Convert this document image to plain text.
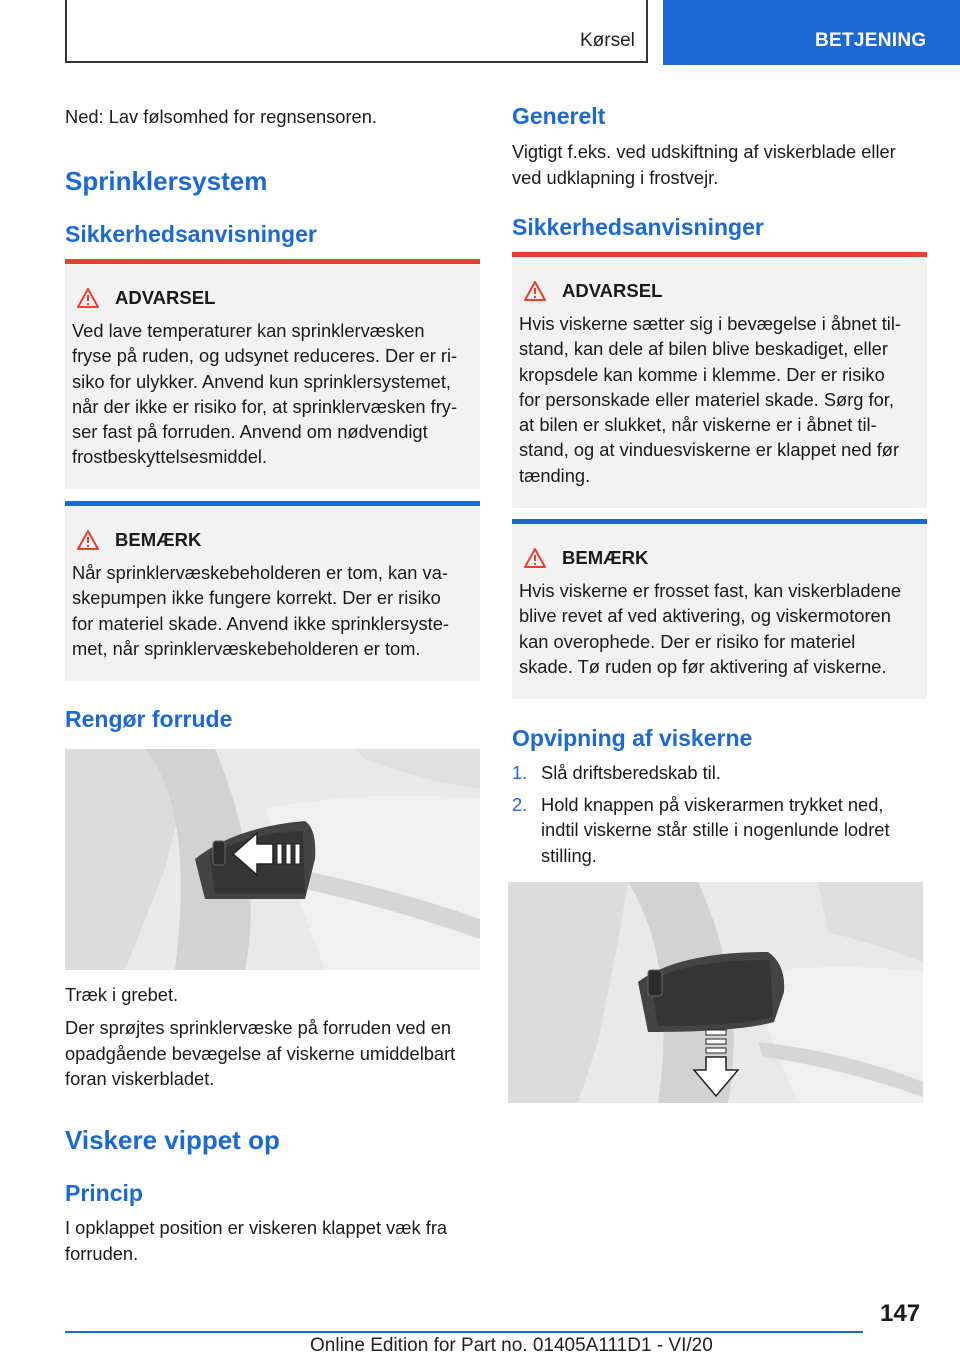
Kørsel	BETJENING

Ned: Lav følsomhed for regnsensoren.

Sprinklersystem
Sikkerhedsanvisninger
ADVARSEL
Ved lave temperaturer kan sprinklervæsken
fryse på ruden, og udsynet reduceres. Der er ri-
siko for ulykker. Anvend kun sprinklersystemet,
når der ikke er risiko for, at sprinklervæsken fry-
ser fast på forruden. Anvend om nødvendigt
frostbeskyttelsesmiddel.
BEMÆRK
Når sprinklervæskebeholderen er tom, kan va-
skepumpen ikke fungere korrekt. Der er risiko
for materiel skade. Anvend ikke sprinklersyste-
met, når sprinklervæskebeholderen er tom.
Rengør forrude

Træk i grebet.

Der sprøjtes sprinklervæske på forruden ved en
opadgående bevægelse af viskerne umiddelbart
foran viskerbladet.
Viskere vippet op
Princip
I opklappet position er viskeren klappet væk fra
forruden.
Generelt
Vigtigt f.eks. ved udskiftning af viskerblade eller
ved udklapning i frostvejr.
Sikkerhedsanvisninger
ADVARSEL
Hvis viskerne sætter sig i bevægelse i åbnet til-
stand, kan dele af bilen blive beskadiget, eller
kropsdele kan komme i klemme. Der er risiko
for personskade eller materiel skade. Sørg for,
at bilen er slukket, når viskerne er i åbnet til-
stand, og at vinduesviskerne er klappet ned før
tænding.
BEMÆRK
Hvis viskerne er frosset fast, kan viskerbladene
blive revet af ved aktivering, og viskermotoren
kan overophede. Der er risiko for materiel
skade. Tø ruden op før aktivering af viskerne.
Opvipning af viskerne
1. Slå driftsberedskab til.
2. Hold knappen på viskerarmen trykket ned,
indtil viskerne står stille i nogenlunde lodret
stilling.
147
Online Edition for Part no. 01405A111D1 - VI/20
